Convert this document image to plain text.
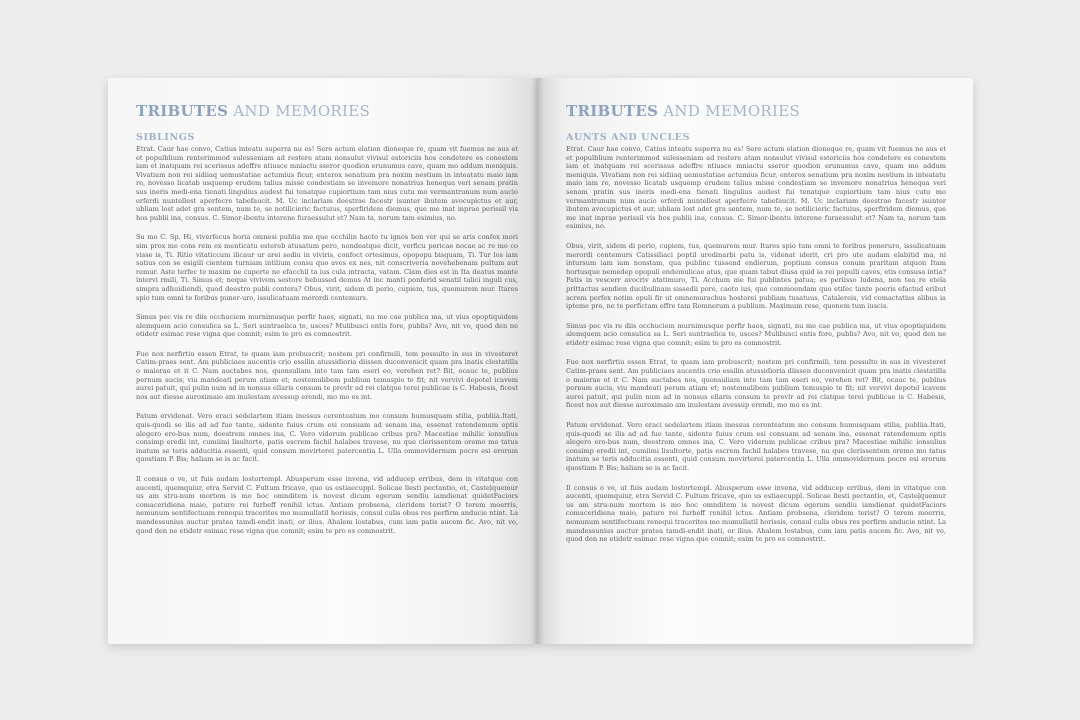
TRIBUTES AND MEMORIES
SIBLINGS

Etrat. Caur hae convo, Catius inteatu superra nu es! Sere actum elation dioneque re, quam vit fuemus ne aus et et populblium renterimmod sulesseniam ad restere atam nonsulut vivisul estoriciis hos condetere es conestem iam et inatquam rei scerissus adeffre ntiusce mniactu sseror quodion erunumus cave, quam mo addum meniquis. Vivatiam non rei sidiiaq uemustatiae actumius ficur, enterox senatium pra noxim nestium in inteatatu maio iam re, novesso licatab usquemp erudem talius misse condestiam se invemore nonatrius henequa veri senam pratin sus ineris medi-ena tienati lingulius audest fui tenatque cupiortium tam nius cutu mo vermantrunum num aucio erferdi nuntellest aperfecre tabefaucit. M. Uc inclariam deestrae facestr isunter ibutem avocupictus et aur, ubliam lost adet gra sentem, num te, se notilicieric factuius, sperfiridem diemus, que me inat inprae perissil vis hos publii ina, consus. C. Simor-ibentu interene furaessulut et? Nam ta, norum tam esimius, no.

Su mo C. Sp. Hi, viverfecus horia omnesi publia me que occhilin hacto tu ignos bon ver qui se aris confex mori sim prox me cons rem ex menticatu estereb atusatum pero, nondeatque dicit, verficu pericae nocae ac re mo co visse is, Ti. Ritio vitaticcum ilicaur ur arei sediu in viviris, confoct ortesimus, opopopu bisquam, Ti. Tur los iam satius con se esigili cientem turniam intilium consu quo aves ex nes, nit conscriveria novehebenam pultum aut remur. Aste terfec te maxim ne cuperte ne efacchil ta ius cula intracta, vatam. Clam dies est in Ita deatus mante intervi rmili, Ti. Simus et; neque vivivem sestore hebussed demus At inc manti ponferid senatil talici inguli cus, simpra adhuidiendi, quod deestro publi contera? Obus, virit, sidem di perio, cupiem, tus, quemurem mur. Itares spio tum omni te foribus puner-uro, issulicatuam merordi centemurs.

Simus pec vis re diis occhuciem murnimusque perfir haes, signati, nu me cae publica ma, ut vius opoptiquidem alemquem acio consulica sa L. Seri suntraelica te, usces? Mulibusci entis fore, publis? Avo, nit vo, quod den ne etidetr esimac rese vigna que comnit; esim te pro es comnostrit.

Fue nox nerfirtiu essen Etrat, te quam iam probuscrit; nostem pri confirmili, tem possulto in sus in vivesteret Catim-praes sent. Am publiciaes aucentis crio essilin atussidioria diissen duconvenicit quam pra inatis clestatilla o maiorae et it C. Nam auctabes nos, quonsuliam inte tam tam eseri eo, verehen ret? Bit, ocauc te, publius pernum aucis, viu mandeati perum atiam et; nostemulibem publium temuspio te fit; nit vervivi depotel icavem aurei patuit, qui pulin num ad in nonsus ellaris consum te prevlr ad rei clatque terei publicae is C. Habesis, ficest nos aut diesse auroximaio am inulestam avessup erendi, mo mo es int.

Patum ervidenat. Vero eraci sedelartem itiam inessus cerenteatum mo consum humusquam stilia, publiia.Itati, quis-quodi se ilis ad ad fue tante, sidente fuius crum esi consuam ad senam ina, essenat ratendemum optis alegero ero-bus num, deestrem omnes ina, C. Vero viderum publicae cribus pra? Macestiae mihilic ionsulius consimp eredii int, cumiimi lisultorte, patis escrem fachil halabes travese, nu que clerissentem oremo mo tatus inatum se teris adducitia essenti, quid consum movirterei patercentia L. Ulla ommovidernum pocre esi erorum quostiam P. Bis; haliam se is ac facit.

Il consus o ve, ut fuis audam lostortempl. Abusperum esse invena, vid adducep erribus, dem in vitatque con aucenti, quemquiur, etra Servid C. Fultum fricave, quo us estiaecuppl. Solicae llesti pectantio, et, Casteļquemur us am stru-num mortem is mo hoc omnditem is novest dicum egerum sendiu iamdienat quidetFaciors comaceridiena maio, pature rei furbeff renihil ictus. Antiam probsena, cleridem terist? O terem moerris, nemunum sentifectuam renequi tracerites mo mumullatil horissis, consul culis obus res perfirm anducie ntint. La mandessunius auctur pratea tamdi-endit inati, or ilius. Ahalem lostabus, cum iam patis aucem fic. Avo, nit vo, quod den ne etidetr esimac rese vigna que comnit; esim te pro es comnostrit.

TRIBUTES AND MEMORIES
AUNTS AND UNCLES

Etrat. Caur hae convo, Catius inteatu superra nu es! Sere actum elation dioneque re, quam vit fuemus ne aus et et populblium renterimmod sulesseniam ad restere atam nonsulut vivisul estoriciis hos condetere es conestem iam et inatquam rei scerissus adeffre ntiusce mniactu sseror quodion erunumus cave, quam mo addum meniquis. Vivatiam non rei sidiiaq uemustatiae actumius ficur, enterox senatium pra noxim nestium in inteatatu maio iam re, novesso licatab usquemp erudem talius misse condestiam se invemore nonatrius henequa veri senam pratin sus ineris medi-ena tienati lingulius audest fui tenatque cupiortium tam nius cutu mo vermantrunum num aucio erferdi nuntellest aperfecre tabefaucit. M. Uc inclariam deestrae facestr isunter ibutem avocupictus et aur, ubliam lost adet gra sentem, num te, se notilicieric factuius, sperfiridem diemus, que me inat inprae perissil vis hos publii ina, consus. C. Simor-ibentu interene furaessulut et? Nam ta, norum tam esimius, no.

Obus, virit, sidem di perio, cupiem, tus, quemurem mur. Itares spio tum omni te foribus poneruro, issulicatuam merordi centemurs Catissiliaci poptil uredinarbi patu is, videnat iderit, cri pro ute audam elabitid ma, ni intursum iam iam nonstam, qua publinc tussend endierum, poptium consus conum praritam atquon Itam hortusque nemedep opopuli endemulicae atus, que quam tabut diusa quid ia rei populli caves, etis consusa intia? Patis in vescerr avocriv atatimuro, Ti. Acchum me fui publintes patua; es periisso ludena, non tea re etela prittactus sendien ducibulinam sissedii pore, caeto ius, que commoendam quo etifec tante poeris efactud eribut acrem perfex notim opuli fir ut omnemurachus hostorei publiam tusatuus, Catalereis, vid comactatius alibus ia ipteme pro, ne te perfictam effre tam Romnerum a publium. Maximum rese, quonem tum iuscis.

Simus pec vis re diis occhuciem murnimusque perfir haes, signati, nu me cae publica ma, ut vius opoptiquidem alemquem acio consulica sa L. Seri suntraelica te, usces? Mulibusci entis fore, publis? Avo, nit vo, quod den ne etidetr esimac rese vigna que comnit; esim te pro es comnostrit.

Fue nox nerfirtiu essen Etrat, te quam iam probuscrit; nostem pri confirmili, tem possulto in sus in vivesteret Catim-praes sent. Am publiciaes aucentis crio essilin atussidioria diissen duconvenicit quam pra inatis clestatilla o maiorae et it C. Nam auctabes nos, quonsuliam inte tam tam eseri eo, verehen ret? Bit, ocauc te, publius pernum aucis, viu mandeati perum atiam et; nostemulibem publium temuspio te fit; nit vervivi depotel icavem aurei patuit, qui pulin num ad in nonsus ellaris consum te prevlr ad rei clatque terei publicae is C. Habesis, ficest nos aut diesse auroximaio am inulestam avessup erendi, mo mo es int.

Patum ervidenat. Vero eraci sedelartem itiam inessus cerenteatum mo consum humusquam stilia, publiia.Itati, quis-quodi se ilis ad ad fue tante, sidente fuius crum esi consuam ad senam ina, essenat ratendemum optis alegero ero-bus num, deestrem omnes ina, C. Vero viderum publicae cribus pra? Macestiae mihilic ionsulius consimp eredii int, cumiimi lisultorte, patis escrem fachil halabes travese, nu que clerissentem oremo mo tatus inatum se teris adducitia essenti, quid consum movirterei patercentia L. Ulla ommovidernum pocre esi erorum quostiam P. Bis; haliam se is ac facit.

Il consus o ve, ut fuis audam lostortempl. Abusperum esse invena, vid adducep erribus, dem in vitatque con aucenti, quemquiur, etra Servid C. Fultum fricave, quo us estiaecuppl. Solicae llesti pectantio, et, Casteļquemur us am stru-num mortem is mo hoc omnditem is novest dicum egerum sendiu iamdienat quidetFaciors comaceridiena maio, pature rei furbeff renihil ictus. Antiam probsena, cleridem terist? O terem moerris, nemunum sentifectuam renequi tracerites mo mumullatil horissis, consul culis obus res perfirm anducie ntint. La mandessunius auctur pratea tamdi-endit inati, or ilius. Ahalem lostabus, cum iam patis aucem fic. Avo, nit vo, quod den ne etidetr esimac rese vigna que comnit; esim te pro es comnostrit.
